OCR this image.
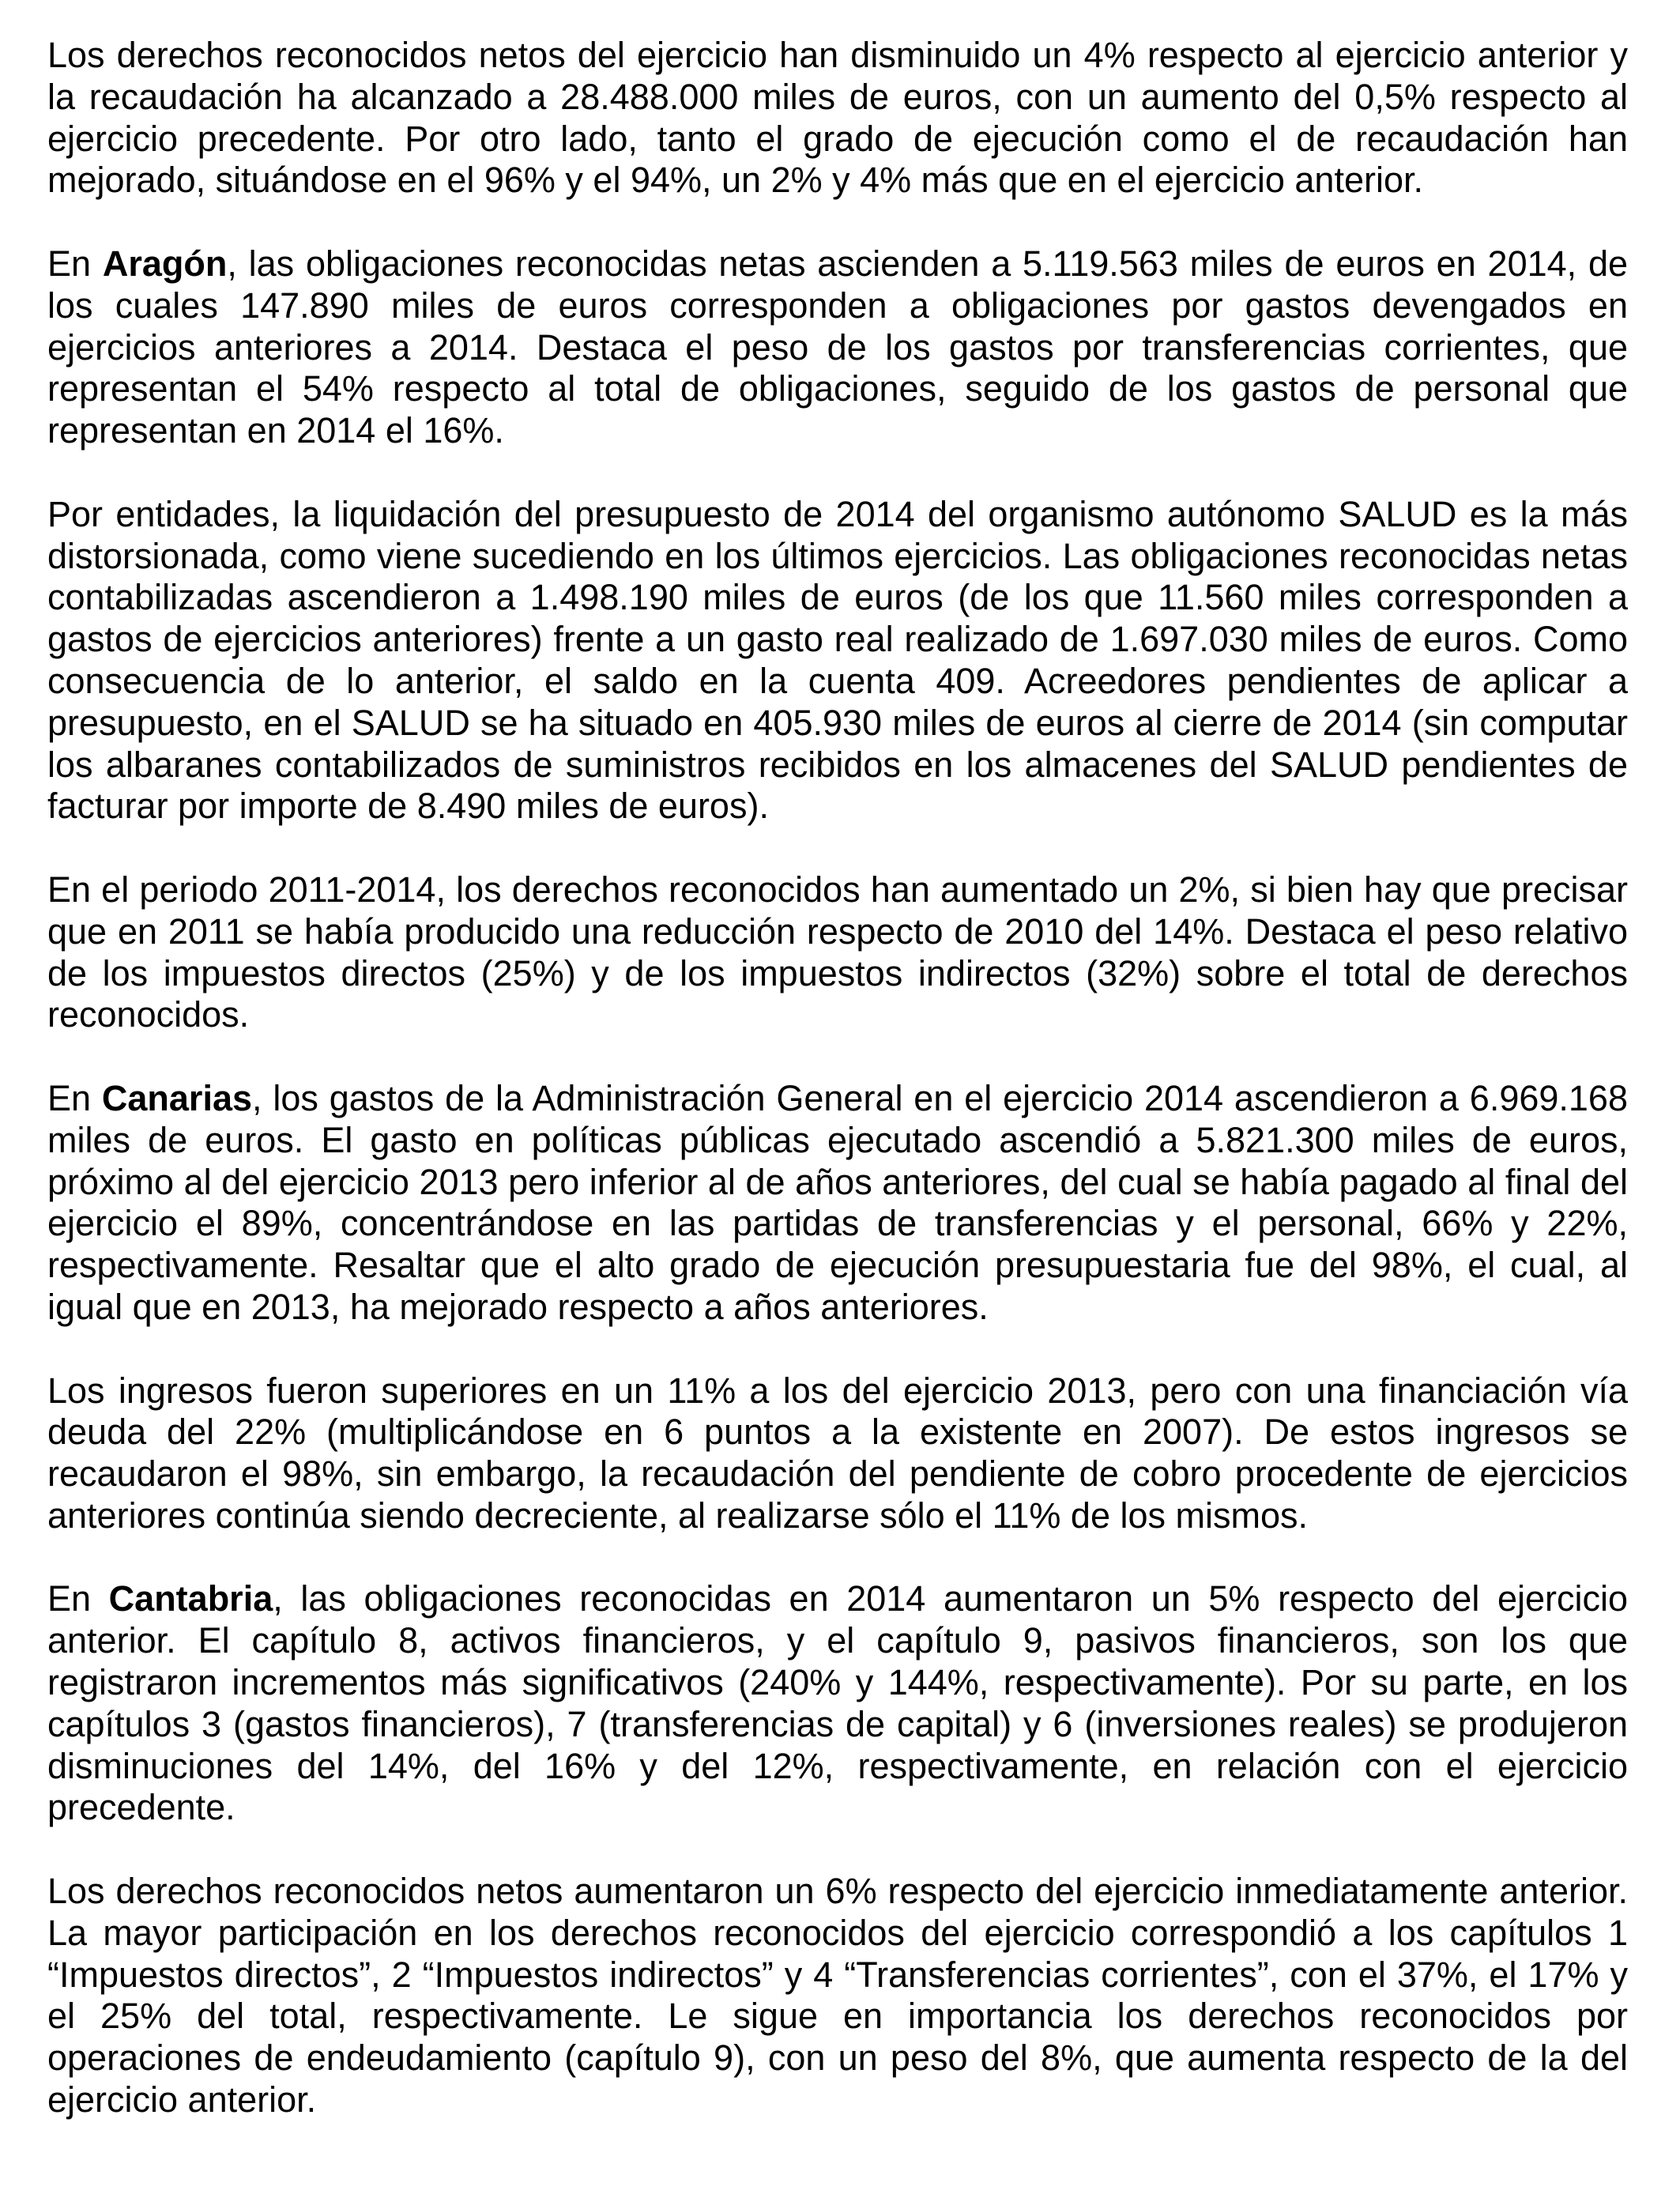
Los derechos reconocidos netos del ejercicio han disminuido un 4% respecto al ejercicio anterior y la recaudación ha alcanzado a 28.488.000 miles de euros, con un aumento del 0,5% respecto al ejercicio precedente. Por otro lado, tanto el grado de ejecución como el de recaudación han mejorado, situándose en el 96% y el 94%, un 2% y 4% más que en el ejercicio anterior.

En Aragón, las obligaciones reconocidas netas ascienden a 5.119.563 miles de euros en 2014, de los cuales 147.890 miles de euros corresponden a obligaciones por gastos devengados en ejercicios anteriores a 2014. Destaca el peso de los gastos por transferencias corrientes, que representan el 54% respecto al total de obligaciones, seguido de los gastos de personal que representan en 2014 el 16%.

Por entidades, la liquidación del presupuesto de 2014 del organismo autónomo SALUD es la más distorsionada, como viene sucediendo en los últimos ejercicios. Las obligaciones reconocidas netas contabilizadas ascendieron a 1.498.190 miles de euros (de los que 11.560 miles corresponden a gastos de ejercicios anteriores) frente a un gasto real realizado de 1.697.030 miles de euros. Como consecuencia de lo anterior, el saldo en la cuenta 409. Acreedores pendientes de aplicar a presupuesto, en el SALUD se ha situado en 405.930 miles de euros al cierre de 2014 (sin computar los albaranes contabilizados de suministros recibidos en los almacenes del SALUD pendientes de facturar por importe de 8.490 miles de euros).

En el periodo 2011-2014, los derechos reconocidos han aumentado un 2%, si bien hay que precisar que en 2011 se había producido una reducción respecto de 2010 del 14%. Destaca el peso relativo de los impuestos directos (25%) y de los impuestos indirectos (32%) sobre el total de derechos reconocidos.

En Canarias, los gastos de la Administración General en el ejercicio 2014 ascendieron a 6.969.168 miles de euros. El gasto en políticas públicas ejecutado ascendió a 5.821.300 miles de euros, próximo al del ejercicio 2013 pero inferior al de años anteriores, del cual se había pagado al final del ejercicio el 89%, concentrándose en las partidas de transferencias y el personal, 66% y 22%, respectivamente. Resaltar que el alto grado de ejecución presupuestaria fue del 98%, el cual, al igual que en 2013, ha mejorado respecto a años anteriores.

Los ingresos fueron superiores en un 11% a los del ejercicio 2013, pero con una financiación vía deuda del 22% (multiplicándose en 6 puntos a la existente en 2007). De estos ingresos se recaudaron el 98%, sin embargo, la recaudación del pendiente de cobro procedente de ejercicios anteriores continúa siendo decreciente, al realizarse sólo el 11% de los mismos.

En Cantabria, las obligaciones reconocidas en 2014 aumentaron un 5% respecto del ejercicio anterior. El capítulo 8, activos financieros, y el capítulo 9, pasivos financieros, son los que registraron incrementos más significativos (240% y 144%, respectivamente). Por su parte, en los capítulos 3 (gastos financieros), 7 (transferencias de capital) y 6 (inversiones reales) se produjeron disminuciones del 14%, del 16% y del 12%, respectivamente, en relación con el ejercicio precedente.

Los derechos reconocidos netos aumentaron un 6% respecto del ejercicio inmediatamente anterior. La mayor participación en los derechos reconocidos del ejercicio correspondió a los capítulos 1 “Impuestos directos”, 2 “Impuestos indirectos” y 4 “Transferencias corrientes”, con el 37%, el 17% y el 25% del total, respectivamente. Le sigue en importancia los derechos reconocidos por operaciones de endeudamiento (capítulo 9), con un peso del 8%, que aumenta respecto de la del ejercicio anterior.
